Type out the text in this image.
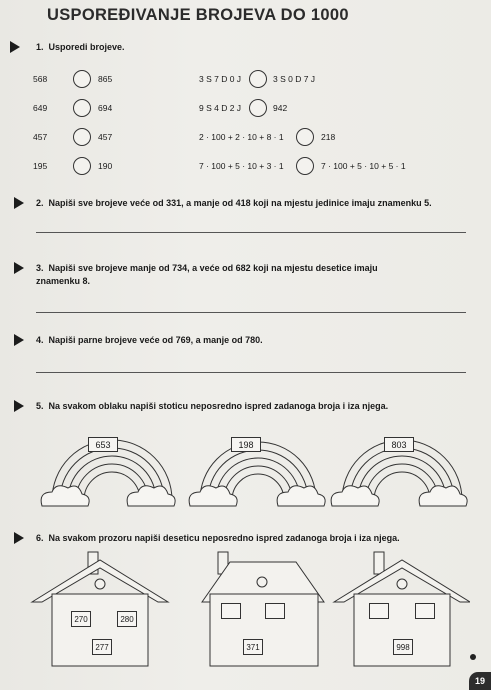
USPOREĐIVANJE BROJEVA DO 1000
1. Usporedi brojeve.
568	865
649	694
457	457
195	190
3 S 7 D 0 J	3 S 0 D 7 J
9 S 4 D 2 J	942
2 · 100 + 2 · 10 + 8 · 1	218
7 · 100 + 5 · 10 + 3 · 1	7 · 100 + 5 · 10 + 5 · 1
2. Napiši sve brojeve veće od 331, a manje od 418 koji na mjestu jedinice imaju znamenku 5.
3. Napiši sve brojeve manje od 734, a veće od 682 koji na mjestu desetice imaju
znamenku 8.
4. Napiši parne brojeve veće od 769, a manje od 780.
5. Na svakom oblaku napiši stoticu neposredno ispred zadanoga broja i iza njega.
653	198	803
6. Na svakom prozoru napiši deseticu neposredno ispred zadanoga broja i iza njega.
270	280
277	371	998
19
